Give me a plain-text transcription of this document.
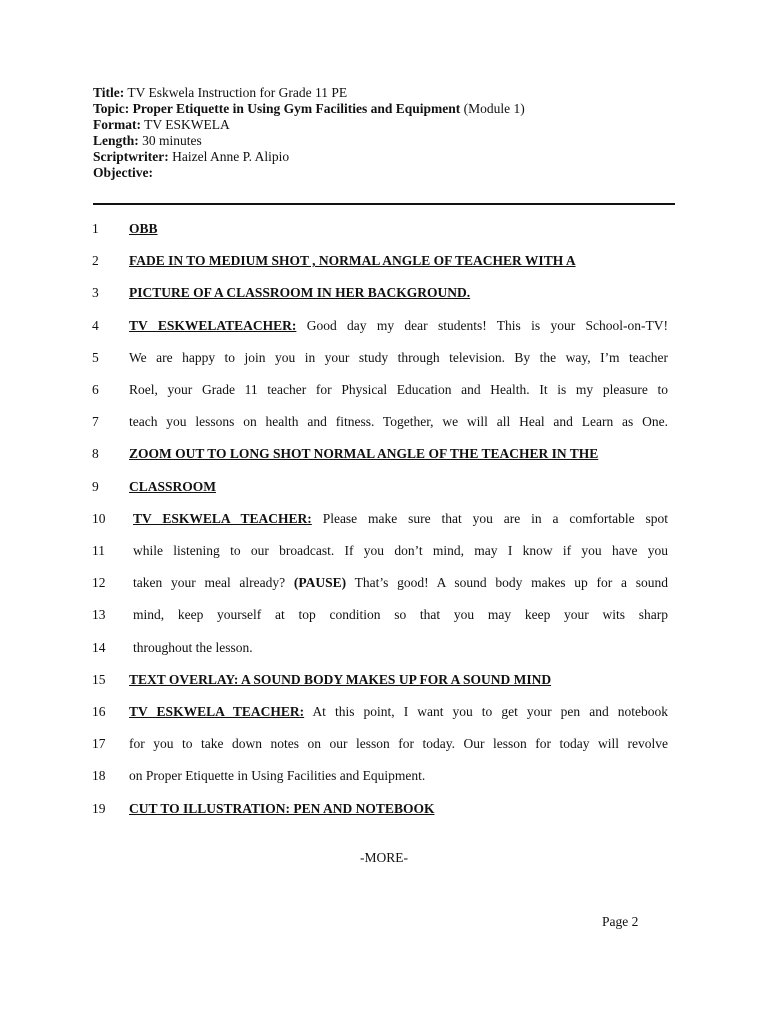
Title: TV Eskwela Instruction for Grade 11 PE
Topic: Proper Etiquette in Using Gym Facilities and Equipment (Module 1)
Format: TV ESKWELA
Length: 30 minutes
Scriptwriter: Haizel Anne P. Alipio
Objective:
1	OBB
2	FADE IN TO MEDIUM SHOT , NORMAL ANGLE OF TEACHER WITH A
3	PICTURE OF A CLASSROOM IN HER BACKGROUND.
4	TV ESKWELATEACHER: Good day my dear students! This is your School-on-TV!
5	We are happy to join you in your study through television. By the way, I’m teacher
6	Roel, your Grade 11 teacher for Physical Education and Health. It is my pleasure to
7	teach you lessons on health and fitness. Together, we will all Heal and Learn as One.
8	ZOOM OUT TO LONG SHOT NORMAL ANGLE OF THE TEACHER IN THE
9	CLASSROOM
10	TV ESKWELA TEACHER: Please make sure that you are in a comfortable spot
11	while listening to our broadcast. If you don’t mind, may I know if you have you
12	taken your meal already? (PAUSE) That’s good! A sound body makes up for a sound
13	mind, keep yourself at top condition so that you may keep your wits sharp
14	throughout the lesson.
15	TEXT OVERLAY: A SOUND BODY MAKES UP FOR A SOUND MIND
16	TV ESKWELA TEACHER: At this point, I want you to get your pen and notebook
17	for you to take down notes on our lesson for today. Our lesson for today will revolve
18	on Proper Etiquette in Using Facilities and Equipment.
19	CUT TO ILLUSTRATION: PEN AND NOTEBOOK
-MORE-
Page 2
